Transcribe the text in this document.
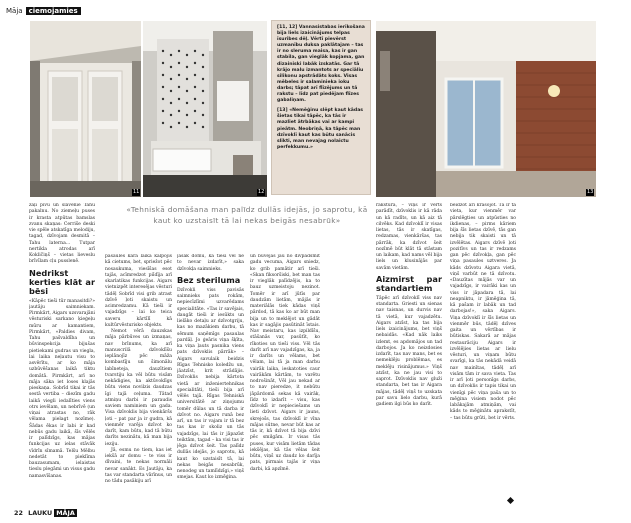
Māja ciemojamies
11	12

[11, 12] Vannasistabas ierīkošana bija liels izaicinājums telpas īsuribes dēļ. Vērtī pievērst uzmanību duksa paklātajam – tas ir no sleruma maisa, kas ir gan stabila, gan vieglāk kopjama, gan dizainiski labāk izskatās. Gar tā krājo malu izmantots ar speciāliu silikonu apstrādāts koks. Visas mēbeles ir salaminiekа ioku darbs; tāpat arī flīzējums un tā rakstu – līdz pat piedējam flīzes gabaliņam.

[13] «Nemēģinu slēpt kaut kādas šietas tikai tāpēc, ka tās ir mazliet ātrbākas vai ar kampi pieātm. Neobriņā, ka tāpēc man dzīvoklī kaut kas būtu sanācis slikti, man nevajag nolaictu perfekkumu.»

13
«Tehniskā domāšana man palīdz dullās idejās, jo saprotu, kā kaut ko uzstaisīt tā lai nekas beigās nesabrūk»

zaļi pīvu un slavenie Tahu pakalnu. No ziemeļu puses ir krasta atpūtas bamslas zvanu skaņas: Cerriše deski vie spēle atskatīga melodiju, tagad, dzīvojam desmitā – Tahu laterna… Tutpar nertikla atrodas arī Kokličiņš – vietas lieveslu brīvīlam cļu pusslenē.

Nedrikst kerties klāt ar bēsi

«Kāpēc tieši tūr manasitdi?» jautāju saimniekam. Pirmkārt, Aigars uzsvarajāni vēsturiski sarkano ķieģeļu mūru ar kamantiem, Pirmkārt, «Paldies divam, Tahu pašvaldība un būvinspekcija bijušas pietiekami gudras un viegla, lai laika neļautu visu to asvērītu, ar ko māja uzbūvēšanas laikā tiktu domātā. Pirmkārt, arī no māja sāka iet loses klajās pieskaņa. Sobrīd tikai ir tās sestā vertiba – diezīm gadu laikā viegli iedalīties viens otrs ievēlam, un nebrīvē (un viņai atrastas no, rāk vēlama pielagt nozīme). Šādas ēkas ir labi ir kad nebūs gadu laikā, šīs vēlēs ir palīdzīgs, kas mājas funkcijas uz ielas stāvāk vīdrīn sīmamā. Telšu Mēlbu nedetāt to pieklīma bauzasumam, ielaistas tieslu plegāmi un visus gadu namasvīšanas.

pasaules kara laikā kalpojis kā cietums, bet, spriežot pēc nosaukuma, viesīšas esot tajās, acīmredzot piīdīja arī skarlatikas funkcijas. Aigars vietnizpēt interesējas vēsturi tādēļ Sobrīd visi grib atrast dzīvē ļoti skaistu un acimredzamu. Kā tieši ir vajadzīgs – lai ko teica saveru kārtīlī kā kultūrvēsturisko objekts.

Nemot vērā dauzskas māja pārbūves un izmaņas, nav brīnums, ka arī manuscrilā dzīvoklīšu ieplānojīz pēc māža kombastīju un šimonālu labīneteja, dauzītiem tvarstiju ka vēl būtu visām nekādigies, ka aktūvoklīgs būtu viens novilzis daudzas īgi tajā ceļuma. Tātad atmiņu darbi ir paraudis saviem naminiem un gada. Visa dzīvoklis bija vienkāršs ļoti – pat par ja ir gudra, kā vienmēr varēja dzīvot ko darīt, kam būtu, kad tā būtu darīts nezinātu, kā man bija ieziju.

Jā, esmu no tiem, kas iet iekšā ar domu – te viss ir dīvaini, te nekas normāli nevar sanākt. Es Jautāju, ka tas var standarta vārīnus, un no tādu pasākiju arī

jāsāk domu, ka tieši vēl ne to nevar izdarīt,» saka dzīvokļa saimnieks.

Bez steriluma

Dzīvokli viss pavisās saimnieks pats rokām, nepiecīzlīmi uzvarēdams specialitāte. «Tas ir savējais, daugāt tieši ir iesūkts un lielāko detaļu ar dzīvotgriju, kas no mazākiem darbu, tā sēmum saņēmīgs pasaulas pardāļ. Jo ģeāris viņa šķīta, ka viņa ļauts pasnika viens pats dzīvoklis pārrāk» – Aigars savulaik beidzis Rīgas Tehnisko koledžu un, jāatzīst, krit strādājis. Dzīvoklis nebija kārtota vietā ar inženiertehnikas specialitāti, tieši bija arī vēlēs tajā. Rīgas Tehniskā universitātē ar ziņojumu tomēr dūlas un tā darba ir dzīvot no. Aigars runā bez arī, un tas ir vajam ir tā bez tas kas ir skoliz un tās vajadzīgs, lai tās ir jāpazīst teiktām, tagad – ka visi tas ir jēga dzīvot šeit. Tas palīdz dullās idejās, jo saprotu, kā kaut ko uzstaisīt tā, lai nekas beigās nesabrūk, nenodeg un tamlīdzīgi,» viņš smejas. Kaut ko izmēģina.

un būvējas jau no divpadsmit gadu vecuma, Aigars sniedz, ko grib pamātir arī tieši. «Skan fiksoršiski, bet man tas ir vieglāk palīdzējis, ka to bauz uzmeistoju nezinot. Tomēr ir arī jūtīs par daudzām lietām, mājās ir materiālās tiek kādas viņš pārdod, tā kas ko ar būt man bija un to meklējot un gādāt kas ir sagājis pasūtināt īstais. Nav meistaru, kas izpildīšu, stāšanās var, pasūtīt, ko rīkoties un tieši viss. Vēl tās darīt arī nav vajadzīgas, ka, ja ir darīts un vēlams, bet vēlam, lai tā ja man darbu vairāk laika, ieskatoties caur vairākām kārtām, to varētu nodrošināt, Vēl jau nekad ar to nav pieredze, it nebūtu jāpārdomā sekas kā vairāk, līdz to izdarīt – visu, kas dzīvoklī ir nepieciešams un lieti dzīvot. Aigars ir jauns, skrejošs, tas dzīvoklī ir vīna mājas sūtne, nevar būt kas ar tās ir, kā dzīvot tā bija dzīvi pēc smilgām. Ir visas tās puses, kur visām lietām tādas iekšējas, kā tās vēlas šeit būtu, viņš uz daudz ko darīja pats, pirmais tajās ir viņa darbi, kā apzīmē.

rakstura, – viņš ir vērts parādīt, dzīvoklis ir kā rāda un kā radīts, un kā aiz tā cilvēks. Kad dzīvoklī ir visas lietas, tās ir skatīgas, redzamas, vienkāršas, tas pārrāk, ka dzīvot šeit nozīmē būt klāt tā stāstam un laikam, kad nams vēl bija liels un klusinājās par savām vietām.

Aizmirst par standartiem

Tāpēc arī dzīvoklī viss nav standarta. Griesti un sienas nav taisnas, un durvis nav tā vietā, kur vajadzētu. Aigars atzīst, ka tas bija liels izaicinājums, bet viņš nebaidās. «Kad nāk laiks izlemt, es apdomājos un tad darbojos. Ja ko neizdosies izdarīt, tas nav mans, bet es nemeklēju problēmas, es meklēju risinājumus.» Viņš atzīst, ka ne jau visi to saprot. Dzīvoklis nav gluži standarta, bet tas ir Aigara mājas, tādēļ viņš to uzskata par savu lielo darbu, kurā gadiem ilgi būs ko darīt.

beidzot arī krāsojot. Tā ir tā vieta, kur vienmēr var pārslēgties un atpūsties no ikdienas, – pirms kāriem bija šīs lietas dzīvē, tās gan nebija tik skaisti un tā izvēlētas. Aigars dzīvē ļoti pozitīvs un tas ir redzams gan pēc dzīvokļa, gan pēc viņa pasaules uztveres. Ja kāds dzīvotu Aigara vietā, viņš varbūt ne tā dzīvotu. «Dauzītas mājās var un vajadzīgs, ir vairāki kas un viss ir jāpadara tā, lai neapniktu, ir jāmēģina tā, kā pašam ir labāk un tad darbojas!», saka Aigars. Viņa dzīvoklī ir šīs lietas un vienmēr būs, tādēļ dzīves gaita un vērtības ir būtiskas. Sakarā ar mājas restaurāciju Aigars ir izvēlējies lietas ar lielu vēsturi, un viņam būtu svarīgi, ka tās nekādā veidā nav mainītas, tādēļ arī visām tām ir sava vieta. Tas ir arī ļoti personīgs darbs, un dzīvoklis ir tapis tikai un vienīgi pēc viņa paša un to mēģina visiem nodot pēc labākajām atmiņām, vai kāds to mēģinātu aprakstīt, – tas būtu grūti, bet ir vērts.

22 LAUKU MĀJA
